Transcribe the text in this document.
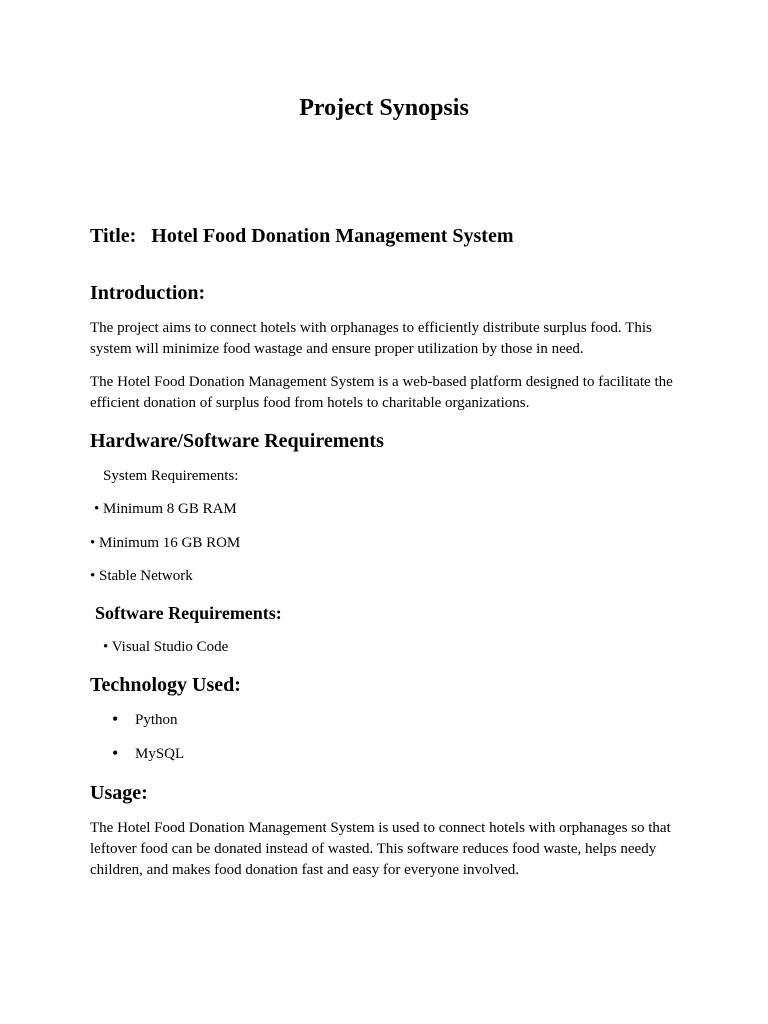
Project Synopsis
Title: Hotel Food Donation Management System
Introduction:
The project aims to connect hotels with orphanages to efficiently distribute surplus food. This system will minimize food wastage and ensure proper utilization by those in need.
The Hotel Food Donation Management System is a web-based platform designed to facilitate the efficient donation of surplus food from hotels to charitable organizations.
Hardware/Software Requirements
System Requirements:
• Minimum 8 GB RAM
• Minimum 16 GB ROM
• Stable Network
Software Requirements:
• Visual Studio Code
Technology Used:
• Python
• MySQL
Usage:
The Hotel Food Donation Management System is used to connect hotels with orphanages so that leftover food can be donated instead of wasted. This software reduces food waste, helps needy children, and makes food donation fast and easy for everyone involved.
